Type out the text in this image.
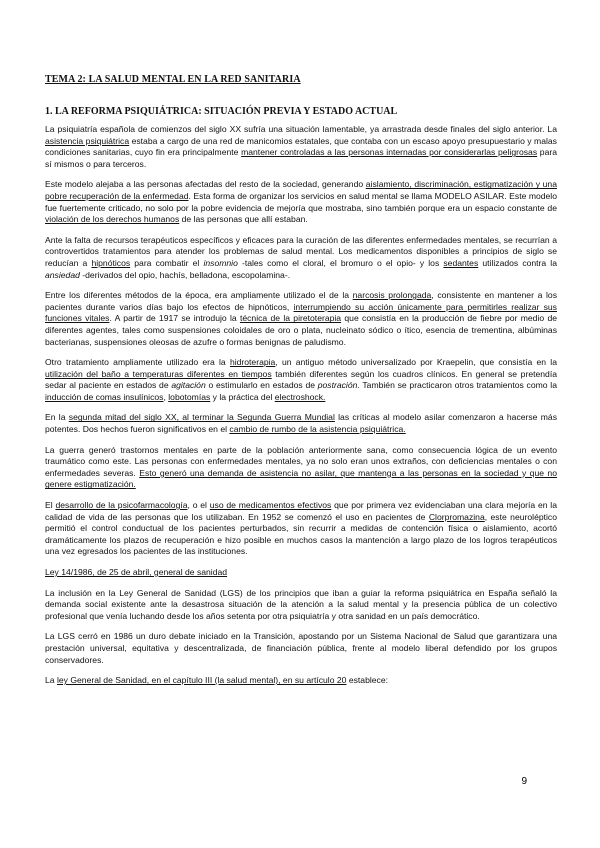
TEMA 2: LA SALUD MENTAL EN LA RED SANITARIA
1. LA REFORMA PSIQUIÁTRICA: SITUACIÓN PREVIA Y ESTADO ACTUAL

La psiquiatría española de comienzos del siglo XX sufría una situación lamentable, ya arrastrada desde finales del siglo anterior. La asistencia psiquiátrica estaba a cargo de una red de manicomios estatales, que contaba con un escaso apoyo presupuestario y malas condiciones sanitarias, cuyo fin era principalmente mantener controladas a las personas internadas por considerarlas peligrosas para sí mismos o para terceros.

Este modelo alejaba a las personas afectadas del resto de la sociedad, generando aislamiento, discriminación, estigmatización y una pobre recuperación de la enfermedad. Esta forma de organizar los servicios en salud mental se llama MODELO ASILAR. Este modelo fue fuertemente criticado, no solo por la pobre evidencia de mejoría que mostraba, sino también porque era un espacio constante de violación de los derechos humanos de las personas que allí estaban.

Ante la falta de recursos terapéuticos específicos y eficaces para la curación de las diferentes enfermedades mentales, se recurrían a controvertidos tratamientos para atender los problemas de salud mental. Los medicamentos disponibles a principios de siglo se reducían a hipnóticos para combatir el insomnio -tales como el cloral, el bromuro o el opio- y los sedantes utilizados contra la ansiedad -derivados del opio, hachís, belladona, escopolamina-.

Entre los diferentes métodos de la época, era ampliamente utilizado el de la narcosis prolongada, consistente en mantener a los pacientes durante varios días bajo los efectos de hipnóticos, interrumpiendo su acción únicamente para permitirles realizar sus funciones vitales. A partir de 1917 se introdujo la técnica de la piretoterapia que consistía en la producción de fiebre por medio de diferentes agentes, tales como suspensiones coloidales de oro o plata, nucleinato sódico o ítico, esencia de trementina, albúminas bacterianas, suspensiones oleosas de azufre o formas benignas de paludismo.

Otro tratamiento ampliamente utilizado era la hidroterapia, un antiguo método universalizado por Kraepelin, que consistía en la utilización del baño a temperaturas diferentes en tiempos también diferentes según los cuadros clínicos. En general se pretendía sedar al paciente en estados de agitación o estimularlo en estados de postración. También se practicaron otros tratamientos como la inducción de comas insulínicos, lobotomías y la práctica del electroshock.

En la segunda mitad del siglo XX, al terminar la Segunda Guerra Mundial las críticas al modelo asilar comenzaron a hacerse más potentes. Dos hechos fueron significativos en el cambio de rumbo de la asistencia psiquiátrica.

La guerra generó trastornos mentales en parte de la población anteriormente sana, como consecuencia lógica de un evento traumático como este. Las personas con enfermedades mentales, ya no solo eran unos extraños, con deficiencias mentales o con enfermedades severas. Esto generó una demanda de asistencia no asilar, que mantenga a las personas en la sociedad y que no genere estigmatización.

El desarrollo de la psicofarmacología, o el uso de medicamentos efectivos que por primera vez evidenciaban una clara mejoría en la calidad de vida de las personas que los utilizaban. En 1952 se comenzó el uso en pacientes de Clorpromazina, este neuroléptico permitió el control conductual de los pacientes perturbados, sin recurrir a medidas de contención física o aislamiento, acortó dramáticamente los plazos de recuperación e hizo posible en muchos casos la mantención a largo plazo de los logros terapéuticos una vez egresados los pacientes de las instituciones.

Ley 14/1986, de 25 de abril, general de sanidad

La inclusión en la Ley General de Sanidad (LGS) de los principios que iban a guiar la reforma psiquiátrica en España señaló la demanda social existente ante la desastrosa situación de la atención a la salud mental y la presencia pública de un colectivo profesional que venía luchando desde los años setenta por otra psiquiatría y otra sanidad en un país democrático.

La LGS cerró en 1986 un duro debate iniciado en la Transición, apostando por un Sistema Nacional de Salud que garantizara una prestación universal, equitativa y descentralizada, de financiación pública, frente al modelo liberal defendido por los grupos conservadores.

La ley General de Sanidad, en el capítulo III (la salud mental), en su artículo 20 establece:

9
